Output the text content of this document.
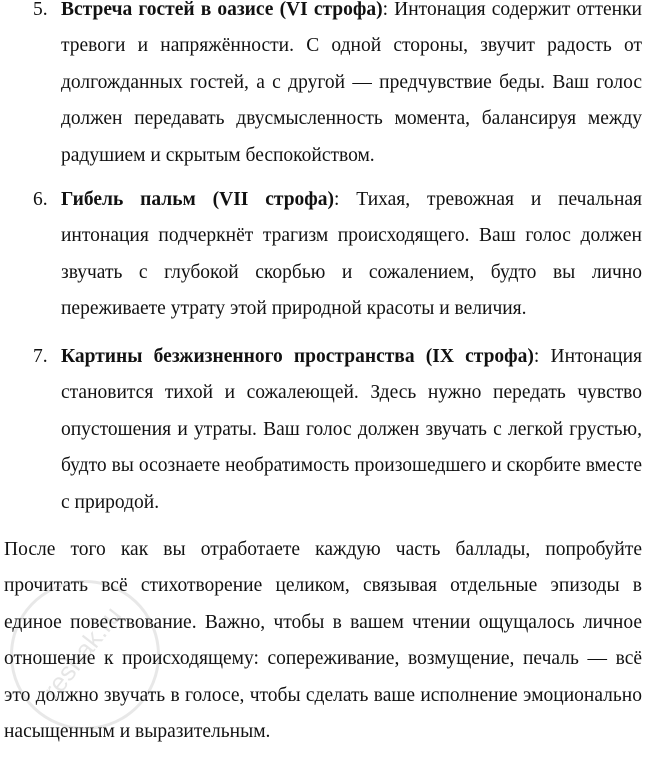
5. Встреча гостей в оазисе (VI строфа): Интонация содержит оттенки тревоги и напряжённости. С одной стороны, звучит радость от долгожданных гостей, а с другой — предчувствие беды. Ваш голос должен передавать двусмысленность момента, балансируя между радушием и скрытым беспокойством.
6. Гибель пальм (VII строфа): Тихая, тревожная и печальная интонация подчеркнёт трагизм происходящего. Ваш голос должен звучать с глубокой скорбью и сожалением, будто вы лично переживаете утрату этой природной красоты и величия.
7. Картины безжизненного пространства (IX строфа): Интонация становится тихой и сожалеющей. Здесь нужно передать чувство опустошения и утраты. Ваш голос должен звучать с легкой грустью, будто вы осознаете необратимость произошедшего и скорбите вместе с природой.

После того как вы отработаете каждую часть баллады, попробуйте прочитать всё стихотворение целиком, связывая отдельные эпизоды в единое повествование. Важно, чтобы в вашем чтении ощущалось личное отношение к происходящему: сопереживание, возмущение, печаль — всё это должно звучать в голосе, чтобы сделать ваше исполнение эмоционально насыщенным и выразительным.

reshak.ru
